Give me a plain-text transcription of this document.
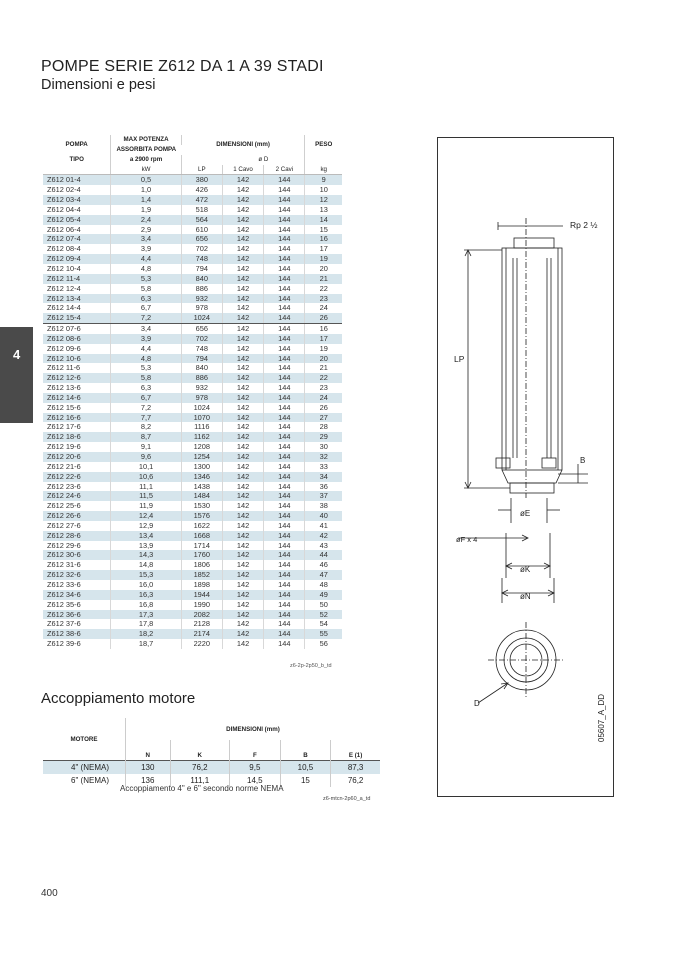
POMPE SERIE Z612 DA 1 A 39 STADI
Dimensioni e pesi
4
POMPA	MAX POTENZA	DIMENSIONI (mm)			PESO
	ASSORBITA POMPA				
TIPO	a 2900 rpm		ø D		
	kW	LP	1 Cavo	2 Cavi	kg
Z612 01-4	0,5	380	142	144	9
Z612 02-4	1,0	426	142	144	10
Z612 03-4	1,4	472	142	144	12
Z612 04-4	1,9	518	142	144	13
Z612 05-4	2,4	564	142	144	14
Z612 06-4	2,9	610	142	144	15
Z612 07-4	3,4	656	142	144	16
Z612 08-4	3,9	702	142	144	17
Z612 09-4	4,4	748	142	144	19
Z612 10-4	4,8	794	142	144	20
Z612 11-4	5,3	840	142	144	21
Z612 12-4	5,8	886	142	144	22
Z612 13-4	6,3	932	142	144	23
Z612 14-4	6,7	978	142	144	24
Z612 15-4	7,2	1024	142	144	26
Z612 07-6	3,4	656	142	144	16
Z612 08-6	3,9	702	142	144	17
Z612 09-6	4,4	748	142	144	19
Z612 10-6	4,8	794	142	144	20
Z612 11-6	5,3	840	142	144	21
Z612 12-6	5,8	886	142	144	22
Z612 13-6	6,3	932	142	144	23
Z612 14-6	6,7	978	142	144	24
Z612 15-6	7,2	1024	142	144	26
Z612 16-6	7,7	1070	142	144	27
Z612 17-6	8,2	1116	142	144	28
Z612 18-6	8,7	1162	142	144	29
Z612 19-6	9,1	1208	142	144	30
Z612 20-6	9,6	1254	142	144	32
Z612 21-6	10,1	1300	142	144	33
Z612 22-6	10,6	1346	142	144	34
Z612 23-6	11,1	1438	142	144	36
Z612 24-6	11,5	1484	142	144	37
Z612 25-6	11,9	1530	142	144	38
Z612 26-6	12,4	1576	142	144	40
Z612 27-6	12,9	1622	142	144	41
Z612 28-6	13,4	1668	142	144	42
Z612 29-6	13,9	1714	142	144	43
Z612 30-6	14,3	1760	142	144	44
Z612 31-6	14,8	1806	142	144	46
Z612 32-6	15,3	1852	142	144	47
Z612 33-6	16,0	1898	142	144	48
Z612 34-6	16,3	1944	142	144	49
Z612 35-6	16,8	1990	142	144	50
Z612 36-6	17,3	2082	142	144	52
Z612 37-6	17,8	2128	142	144	54
Z612 38-6	18,2	2174	142	144	55
Z612 39-6	18,7	2220	142	144	56
z6-2p-2p50_b_td
Accoppiamento motore
MOTORE	DIMENSIONI (mm)				
	N	K	F	B	E (1)
4" (NEMA)	130	76,2	9,5	10,5	87,3
6" (NEMA)	136	111,1	14,5	15	76,2
Accoppiamento 4" e 6" secondo norme NEMA
z6-mtcn-2p60_a_td
Rp 2 ½
LP
B
øE
øF x 4
øK
øN
D	05607_A_DD
400
